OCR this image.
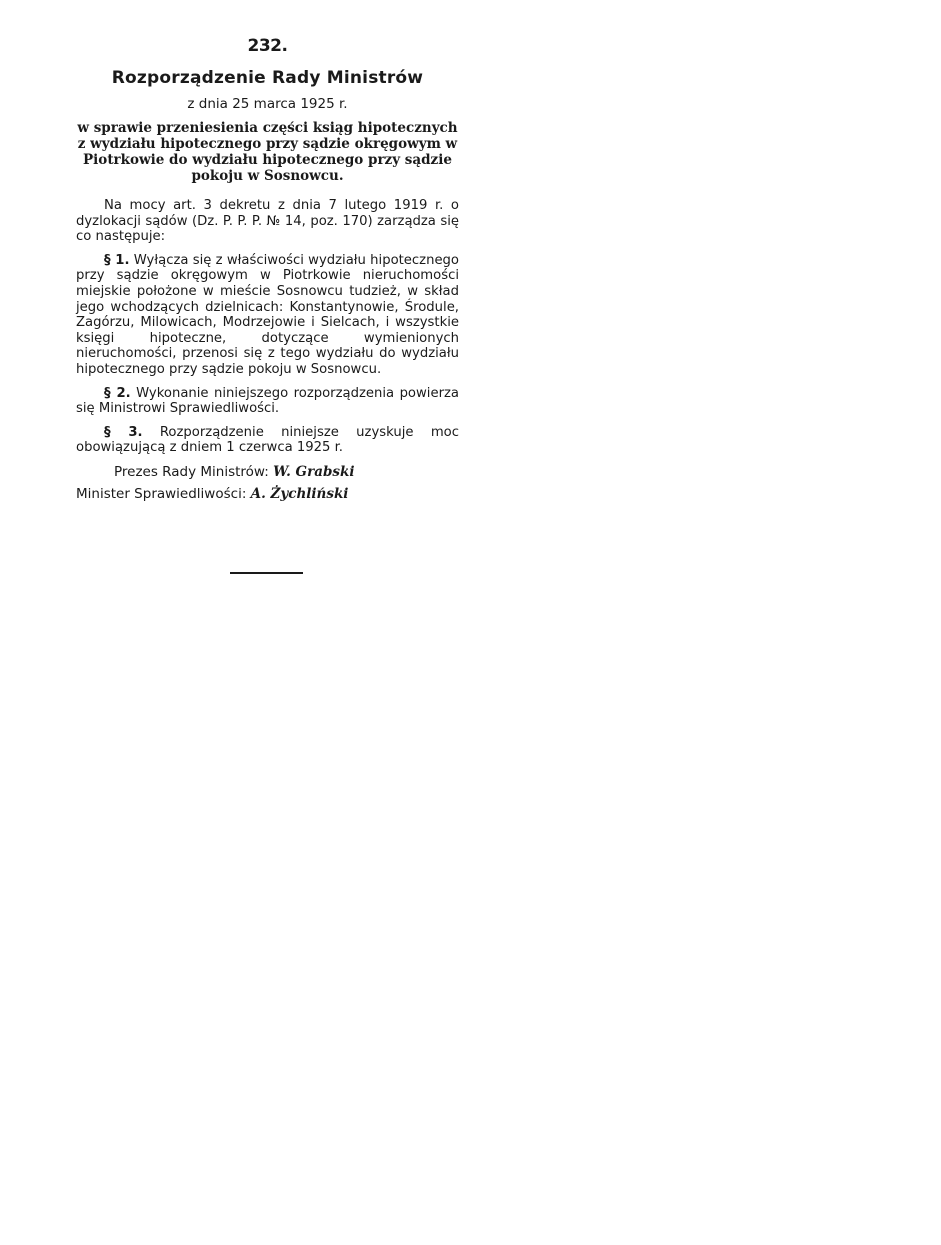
232.
Rozporządzenie Rady Ministrów
z dnia 25 marca 1925 r.
w sprawie przeniesienia części ksiąg hipotecznych z wydziału hipotecznego przy sądzie okręgowym w Piotrkowie do wydziału hipotecznego przy sądzie pokoju w Sosnowcu.

Na mocy art. 3 dekretu z dnia 7 lutego 1919 r. o dyzlokacji sądów (Dz. P. P. P. № 14, poz. 170) zarządza się co następuje:

§ 1. Wyłącza się z właściwości wydziału hipotecznego przy sądzie okręgowym w Piotrkowie nieruchomości miejskie położone w mieście Sosnowcu tudzież, w skład jego wchodzących dzielnicach: Konstantynowie, Środule, Zagórzu, Milowicach, Modrzejowie i Sielcach, i wszystkie księgi hipoteczne, dotyczące wymienionych nieruchomości, przenosi się z tego wydziału do wydziału hipotecznego przy sądzie pokoju w Sosnowcu.

§ 2. Wykonanie niniejszego rozporządzenia powierza się Ministrowi Sprawiedliwości.

§ 3. Rozporządzenie niniejsze uzyskuje moc obowiązującą z dniem 1 czerwca 1925 r.

Prezes Rady Ministrów: W. Grabski
Minister Sprawiedliwości: A. Żychliński
